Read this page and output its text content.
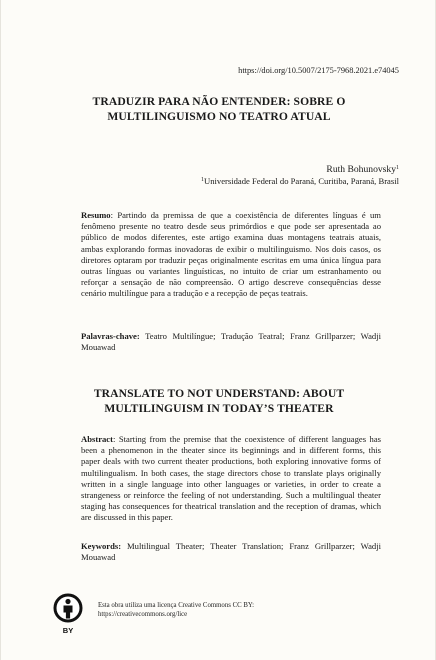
https://doi.org/10.5007/2175-7968.2021.e74045
TRADUZIR PARA NÃO ENTENDER: SOBRE O MULTILINGUISMO NO TEATRO ATUAL
Ruth Bohunovsky$^1$
$^1$Universidade Federal do Paraná, Curitiba, Paraná, Brasil
Resumo: Partindo da premissa de que a coexistência de diferentes línguas é um fenômeno presente no teatro desde seus primórdios e que pode ser apresentada ao público de modos diferentes, este artigo examina duas montagens teatrais atuais, ambas explorando formas inovadoras de exibir o multilinguismo. Nos dois casos, os diretores optaram por traduzir peças originalmente escritas em uma única língua para outras línguas ou variantes linguísticas, no intuito de criar um estranhamento ou reforçar a sensação de não compreensão. O artigo descreve consequências desse cenário multilíngue para a tradução e a recepção de peças teatrais.
Palavras-chave: Teatro Multilíngue; Tradução Teatral; Franz Grillparzer; Wadji Mouawad
TRANSLATE TO NOT UNDERSTAND: ABOUT MULTILINGUISM IN TODAY’S THEATER
Abstract: Starting from the premise that the coexistence of different languages has been a phenomenon in the theater since its beginnings and in different forms, this paper deals with two current theater productions, both exploring innovative forms of multilingualism. In both cases, the stage directors chose to translate plays originally written in a single language into other languages or varieties, in order to create a strangeness or reinforce the feeling of not understanding. Such a multilingual theater staging has consequences for theatrical translation and the reception of dramas, which are discussed in this paper.
Keywords: Multilingual Theater; Theater Translation; Franz Grillparzer; Wadji Mouawad
BY
Esta obra utiliza uma licença Creative Commons CC BY:
https://creativecommons.org/lice
